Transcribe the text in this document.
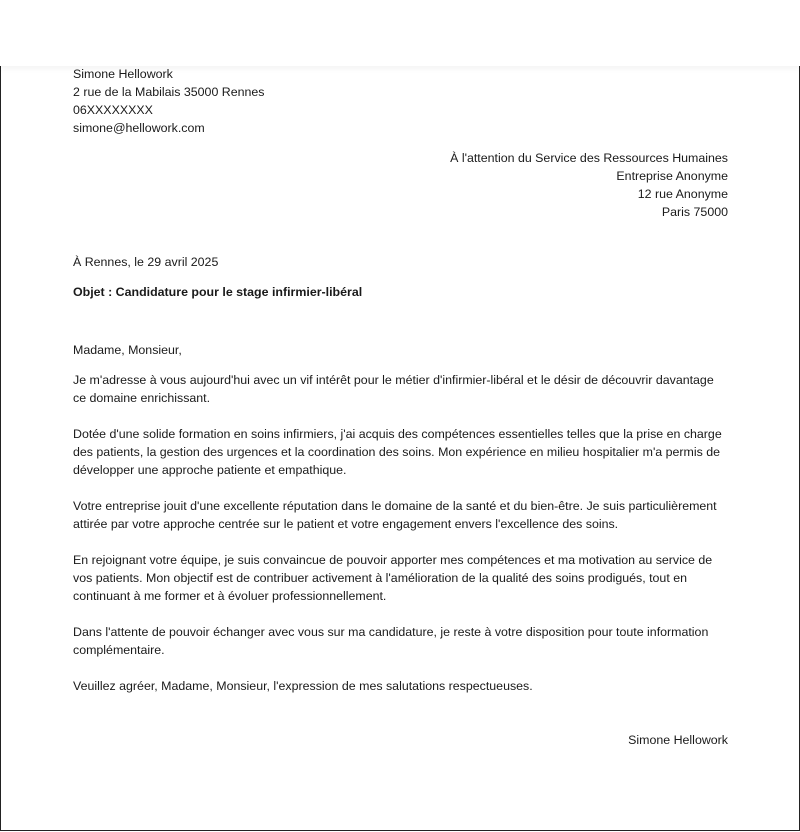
Simone Hellowork
2 rue de la Mabilais 35000 Rennes
06XXXXXXXX
simone@hellowork.com
À l'attention du Service des Ressources Humaines
Entreprise Anonyme
12 rue Anonyme
Paris 75000
À Rennes, le 29 avril 2025
Objet : Candidature pour le stage infirmier-libéral
Madame, Monsieur,

Je m'adresse à vous aujourd'hui avec un vif intérêt pour le métier d'infirmier-libéral et le désir de découvrir davantage ce domaine enrichissant.

Dotée d'une solide formation en soins infirmiers, j'ai acquis des compétences essentielles telles que la prise en charge des patients, la gestion des urgences et la coordination des soins. Mon expérience en milieu hospitalier m'a permis de développer une approche patiente et empathique.

Votre entreprise jouit d'une excellente réputation dans le domaine de la santé et du bien-être. Je suis particulièrement attirée par votre approche centrée sur le patient et votre engagement envers l'excellence des soins.

En rejoignant votre équipe, je suis convaincue de pouvoir apporter mes compétences et ma motivation au service de vos patients. Mon objectif est de contribuer activement à l'amélioration de la qualité des soins prodigués, tout en continuant à me former et à évoluer professionnellement.

Dans l'attente de pouvoir échanger avec vous sur ma candidature, je reste à votre disposition pour toute information complémentaire.

Veuillez agréer, Madame, Monsieur, l'expression de mes salutations respectueuses.

Simone Hellowork
